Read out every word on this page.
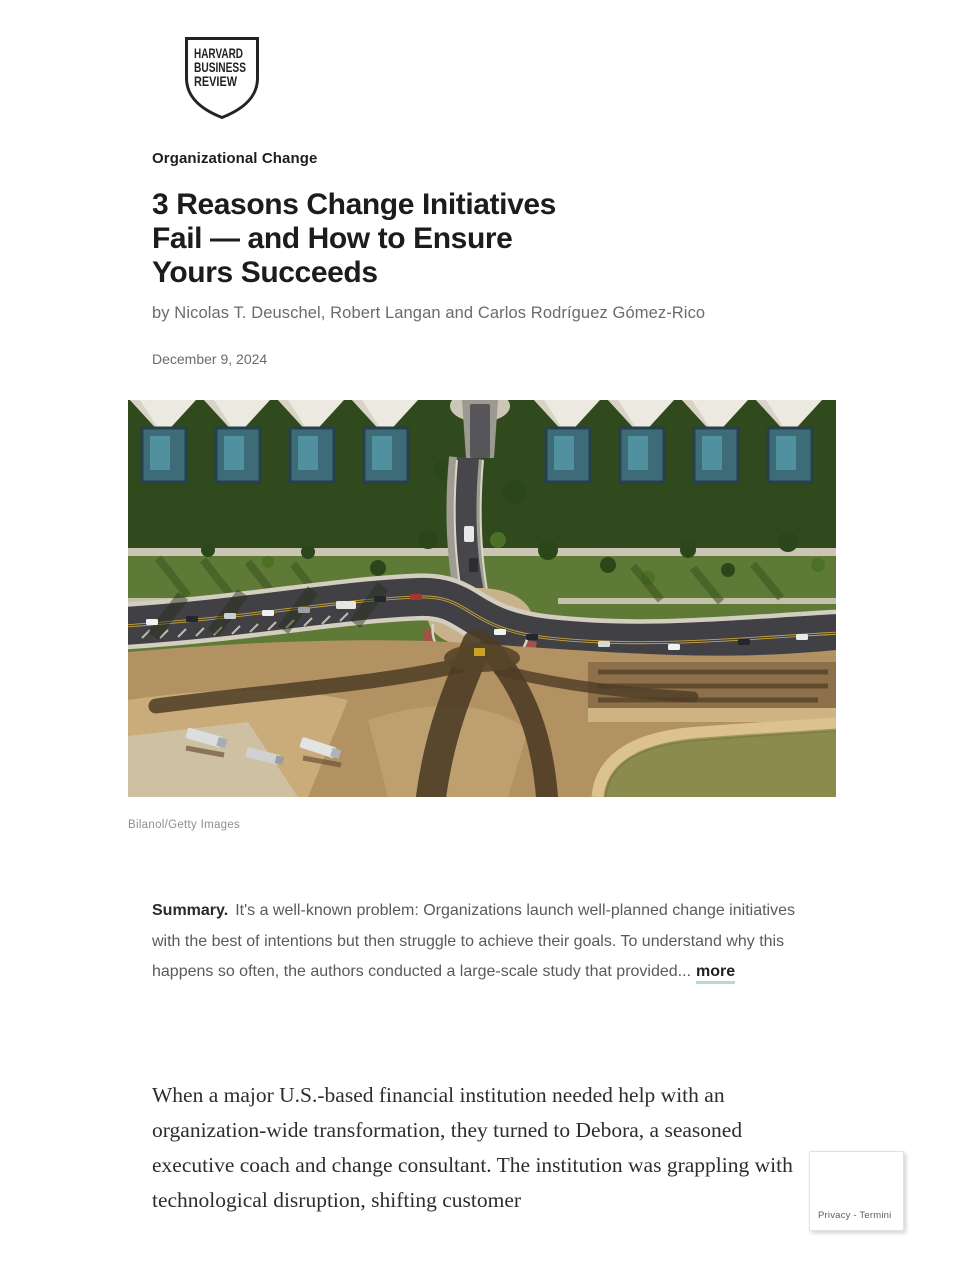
HARVARD
BUSINESS
REVIEW
Organizational Change
3 Reasons Change Initiatives
Fail — and How to Ensure
Yours Succeeds
by Nicolas T. Deuschel, Robert Langan and Carlos Rodríguez Gómez-Rico
December 9, 2024
Bilanol/Getty Images

Summary. It's a well-known problem: Organizations launch well-planned change initiatives with the best of intentions but then struggle to achieve their goals. To understand why this happens so often, the authors conducted a large-scale study that provided... more

When a major U.S.-based financial institution needed help with an organization-wide transformation, they turned to Debora, a seasoned executive coach and change consultant. The institution was grappling with technological disruption, shifting customer

Privacy - Termini
